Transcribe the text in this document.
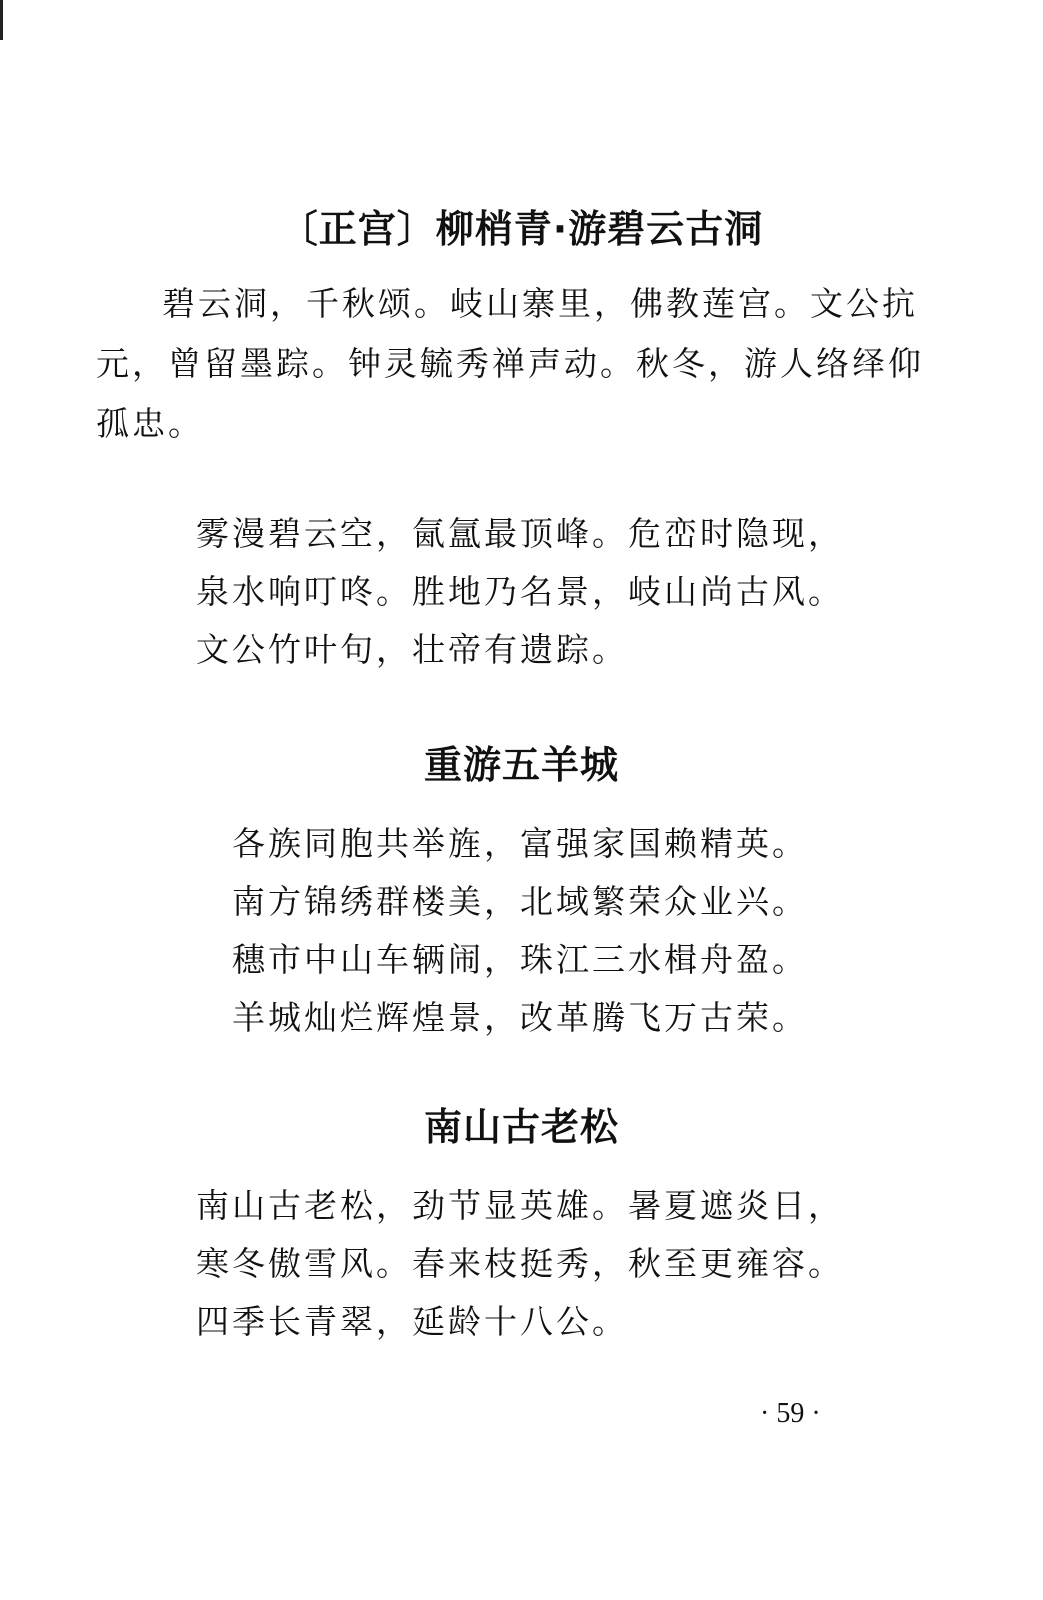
〔正宫〕柳梢青·游碧云古洞
碧云洞，千秋颂。岐山寨里，佛教莲宫。文公抗
元，曾留墨踪。钟灵毓秀禅声动。秋冬，游人络绎仰
孤忠。
雾漫碧云空，氤氲最顶峰。危峦时隐现，
泉水响叮咚。胜地乃名景，岐山尚古风。
文公竹叶句，壮帝有遗踪。
重游五羊城
各族同胞共举旌，富强家国赖精英。
南方锦绣群楼美，北域繁荣众业兴。
穗市中山车辆闹，珠江三水楫舟盈。
羊城灿烂辉煌景，改革腾飞万古荣。
南山古老松
南山古老松，劲节显英雄。暑夏遮炎日，
寒冬傲雪风。春来枝挺秀，秋至更雍容。
四季长青翠，延龄十八公。
· 59 ·
